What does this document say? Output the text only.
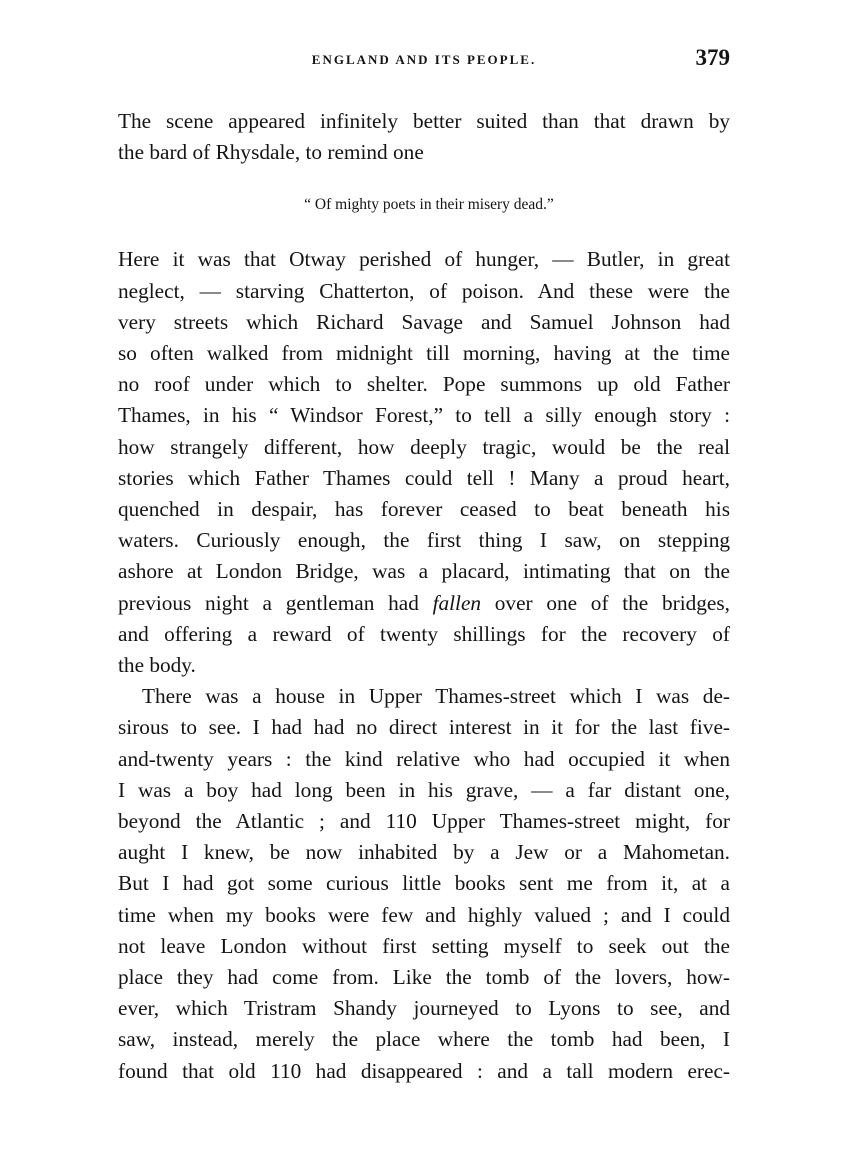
ENGLAND AND ITS PEOPLE.	379

The scene appeared infinitely better suited than that drawn by
the bard of Rhysdale, to remind one

“ Of mighty poets in their misery dead.”

Here it was that Otway perished of hunger, — Butler, in great
neglect, — starving Chatterton, of poison. And these were the
very streets which Richard Savage and Samuel Johnson had
so often walked from midnight till morning, having at the time
no roof under which to shelter. Pope summons up old Father
Thames, in his “ Windsor Forest,” to tell a silly enough story :
how strangely different, how deeply tragic, would be the real
stories which Father Thames could tell ! Many a proud heart,
quenched in despair, has forever ceased to beat beneath his
waters. Curiously enough, the first thing I saw, on stepping
ashore at London Bridge, was a placard, intimating that on the
previous night a gentleman had fallen over one of the bridges,
and offering a reward of twenty shillings for the recovery of
the body.

There was a house in Upper Thames-street which I was de-
sirous to see. I had had no direct interest in it for the last five-
and-twenty years : the kind relative who had occupied it when
I was a boy had long been in his grave, — a far distant one,
beyond the Atlantic ; and 110 Upper Thames-street might, for
aught I knew, be now inhabited by a Jew or a Mahometan.
But I had got some curious little books sent me from it, at a
time when my books were few and highly valued ; and I could
not leave London without first setting myself to seek out the
place they had come from. Like the tomb of the lovers, how-
ever, which Tristram Shandy journeyed to Lyons to see, and
saw, instead, merely the place where the tomb had been, I
found that old 110 had disappeared : and a tall modern erec-
